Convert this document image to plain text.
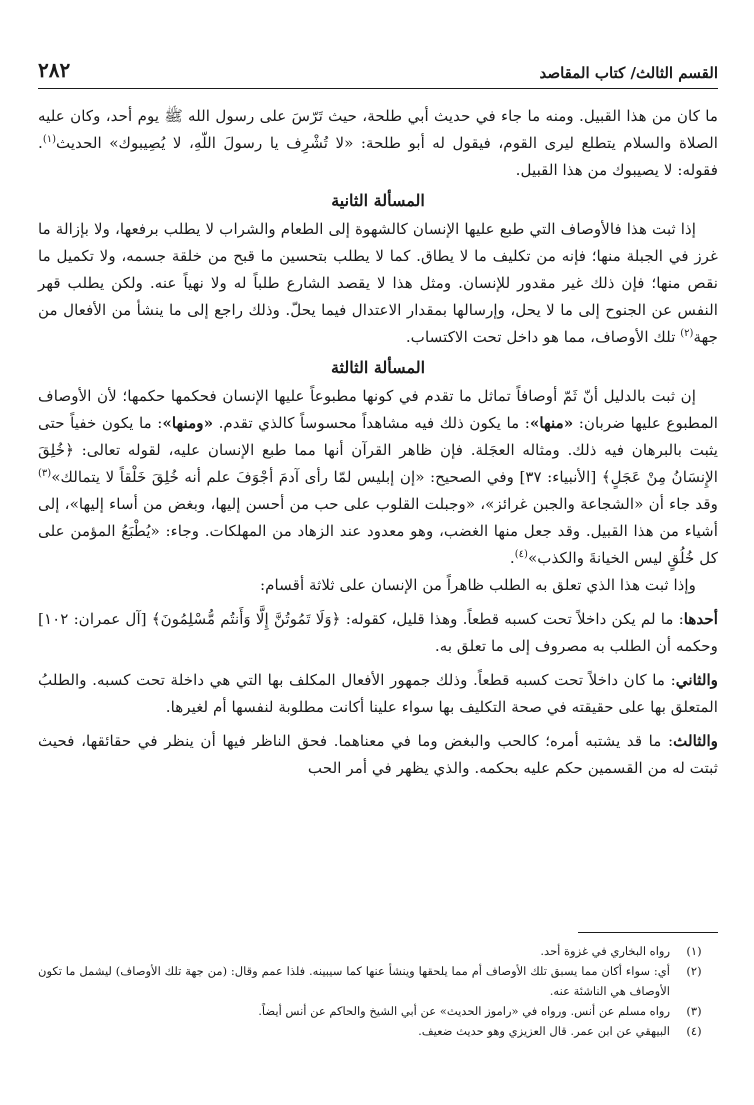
القسم الثالث/ كتاب المقاصد
٢٨٢

ما كان من هذا القبيل. ومنه ما جاء في حديث أبي طلحة، حيث تَرّسَ على رسول الله ﷺ يوم أحد، وكان عليه الصلاة والسلام يتطلع ليرى القوم، فيقول له أبو طلحة: «لا تُشْرِف يا رسولَ اللّهِ، لا يُصِيبوك» الحديث$^{(١)}$. فقوله: لا يصيبوك من هذا القبيل.

المسألة الثانية

إذا ثبت هذا فالأوصاف التي طبع عليها الإنسان كالشهوة إلى الطعام والشراب لا يطلب برفعها، ولا بإزالة ما غرز في الجبلة منها؛ فإنه من تكليف ما لا يطاق. كما لا يطلب بتحسين ما قبح من خلقة جسمه، ولا تكميل ما نقص منها؛ فإن ذلك غير مقدور للإنسان. ومثل هذا لا يقصد الشارع طلباً له ولا نهياً عنه. ولكن يطلب قهر النفس عن الجنوح إلى ما لا يحل، وإرسالها بمقدار الاعتدال فيما يحلّ. وذلك راجع إلى ما ينشأ من الأفعال من جهة$^{(٢)}$ تلك الأوصاف، مما هو داخل تحت الاكتساب.

المسألة الثالثة

إن ثبت بالدليل أنّ ثَمّ أوصافاً تماثل ما تقدم في كونها مطبوعاً عليها الإنسان فحكمها حكمها؛ لأن الأوصاف المطبوع عليها ضربان: «منها»: ما يكون ذلك فيه مشاهداً محسوساً كالذي تقدم. «ومنها»: ما يكون خفياً حتى يثبت بالبرهان فيه ذلك. ومثاله العجَلة. فإن ظاهر القرآن أنها مما طبع الإنسان عليه، لقوله تعالى: ﴿خُلِقَ الإِنسَانُ مِنْ عَجَلٍ﴾ [الأنبياء: ٣٧] وفي الصحيح: «إن إبليس لمّا رأى آدمَ أجْوَفَ علم أنه خُلِقَ خَلْقاً لا يتمالك»$^{(٣)}$ وقد جاء أن «الشجاعة والجبن غرائز»، «وجبلت القلوب على حب من أحسن إليها، وبغض من أساء إليها»، إلى أشياء من هذا القبيل. وقد جعل منها الغضب، وهو معدود عند الزهاد من المهلكات. وجاء: «يُطْبَعُ المؤمن على كل خُلُقٍ ليس الخيانةَ والكذب»$^{(٤)}$.

وإذا ثبت هذا الذي تعلق به الطلب ظاهراً من الإنسان على ثلاثة أقسام:

أحدها: ما لم يكن داخلاً تحت كسبه قطعاً. وهذا قليل، كقوله: ﴿وَلَا تَمُوتُنَّ إِلَّا وَأَنتُم مُّسْلِمُونَ﴾ [آل عمران: ١٠٢] وحكمه أن الطلب به مصروف إلى ما تعلق به.

والثاني: ما كان داخلاً تحت كسبه قطعاً. وذلك جمهور الأفعال المكلف بها التي هي داخلة تحت كسبه. والطلبُ المتعلق بها على حقيقته في صحة التكليف بها سواء علينا أكانت مطلوبة لنفسها أم لغيرها.

والثالث: ما قد يشتبه أمره؛ كالحب والبغض وما في معناهما. فحق الناظر فيها أن ينظر في حقائقها، فحيث ثبتت له من القسمين حكم عليه بحكمه. والذي يظهر في أمر الحب

(١)
رواه البخاري في غزوة أحد.
(٢)
أي: سواء أكان مما يسبق تلك الأوصاف أم مما يلحقها وينشأ عنها كما سيبينه. فلذا عمم وقال: (من جهة تلك الأوصاف) ليشمل ما تكون الأوصاف هي الناشئة عنه.
(٣)
رواه مسلم عن أنس. ورواه في «راموز الحديث» عن أبي الشيخ والحاكم عن أنس أيضاً.
(٤)
البيهقي عن ابن عمر. قال العزيزي وهو حديث ضعيف.
